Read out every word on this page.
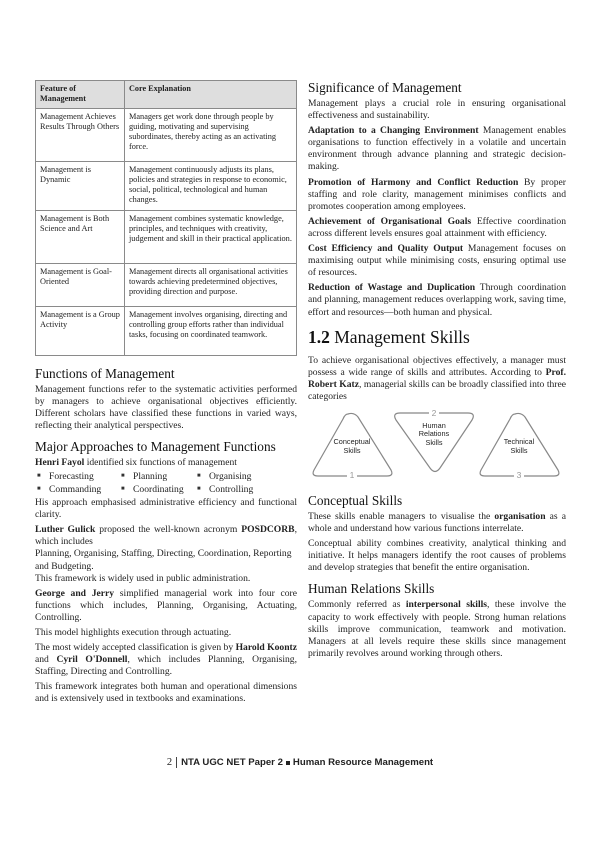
Feature of Management	Core Explanation
Management Achieves Results Through Others	Managers get work done through people by guiding, motivating and supervising subordinates, thereby acting as an activating force.
Management is Dynamic	Management continuously adjusts its plans, policies and strategies in response to economic, social, political, technological and human changes.
Management is Both Science and Art	Management combines systematic knowledge, principles, and techniques with creativity, judgement and skill in their practical application.
Management is Goal-Oriented	Management directs all organisational activities towards achieving predetermined objectives, providing direction and purpose.
Management is a Group Activity	Management involves organising, directing and controlling group efforts rather than individual tasks, focusing on coordinated teamwork.
Functions of Management

Management functions refer to the systematic activities performed by managers to achieve organisational objectives efficiently. Different scholars have classified these functions in varied ways, reflecting their analytical perspectives.

Major Approaches to Management Functions

Henri Fayol identified six functions of management

■ Forecasting	■ Planning	■ Organising
■ Commanding	■ Coordinating	■ Controlling

His approach emphasised administrative efficiency and functional clarity.

Luther Gulick proposed the well-known acronym POSDCORB, which includes

Planning, Organising, Staffing, Directing, Coordination, Reporting and Budgeting.

This framework is widely used in public administration.

George and Jerry simplified managerial work into four core functions which includes, Planning, Organising, Actuating, Controlling.

This model highlights execution through actuating.

The most widely accepted classification is given by Harold Koontz and Cyril O'Donnell, which includes Planning, Organising, Staffing, Directing and Controlling.

This framework integrates both human and operational dimensions and is extensively used in textbooks and examinations.

Significance of Management

Management plays a crucial role in ensuring organisational effectiveness and sustainability.

Adaptation to a Changing Environment Management enables organisations to function effectively in a volatile and uncertain environment through advance planning and strategic decision-making.

Promotion of Harmony and Conflict Reduction By proper staffing and role clarity, management minimises conflicts and promotes cooperation among employees.

Achievement of Organisational Goals Effective coordination across different levels ensures goal attainment with efficiency.

Cost Efficiency and Quality Output Management focuses on maximising output while minimising costs, ensuring optimal use of resources.

Reduction of Wastage and Duplication Through coordination and planning, management reduces overlapping work, saving time, effort and resources—both human and physical.

1.2 Management Skills

To achieve organisational objectives effectively, a manager must possess a wide range of skills and attributes. According to Prof. Robert Katz, managerial skills can be broadly classified into three categories

Conceptual
Skills
Human
Relations
Skills	Technical
Skills
1
2
3
Conceptual Skills

These skills enable managers to visualise the organisation as a whole and understand how various functions interrelate.

Conceptual ability combines creativity, analytical thinking and initiative. It helps managers identify the root causes of problems and develop strategies that benefit the entire organisation.

Human Relations Skills

Commonly referred as interpersonal skills, these involve the capacity to work effectively with people. Strong human relations skills improve communication, teamwork and motivation. Managers at all levels require these skills since management primarily revolves around working through others.

2 NTA UGC NET Paper 2 Human Resource Management
